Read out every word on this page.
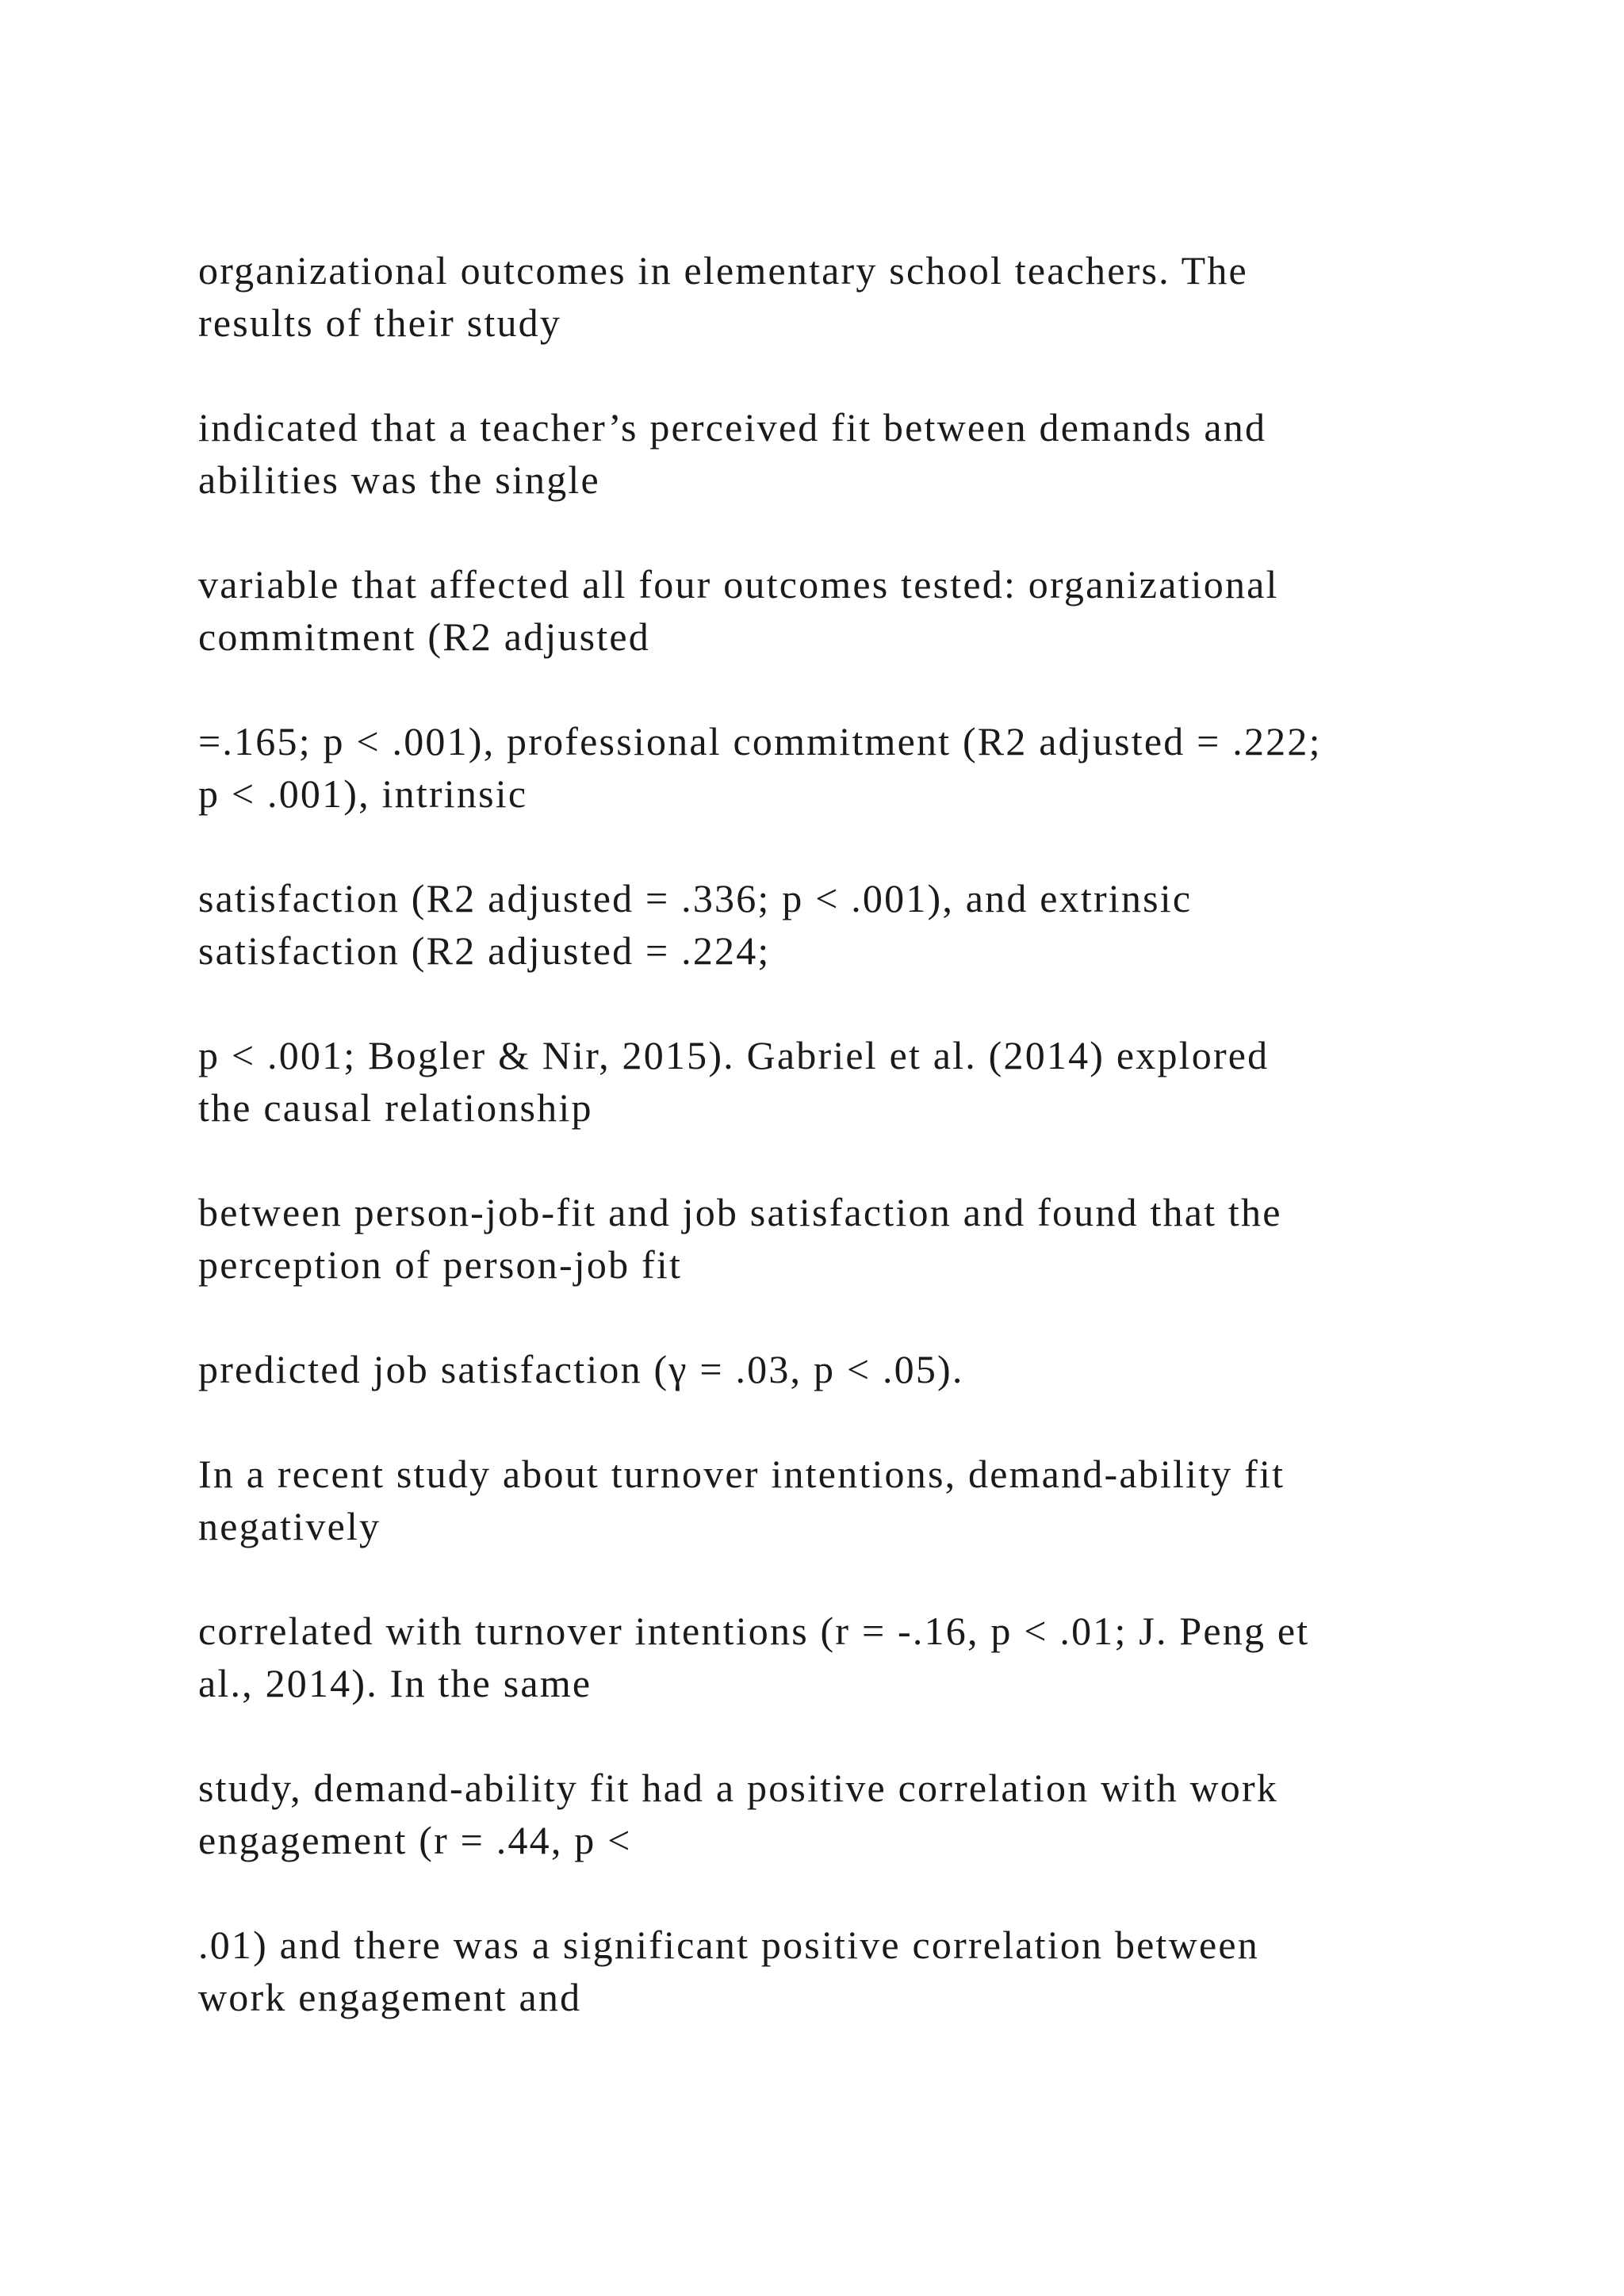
organizational outcomes in elementary school teachers. The
results of their study

indicated that a teacher’s perceived fit between demands and
abilities was the single

variable that affected all four outcomes tested: organizational
commitment (R2 adjusted

=.165; p < .001), professional commitment (R2 adjusted = .222;
p < .001), intrinsic

satisfaction (R2 adjusted = .336; p < .001), and extrinsic
satisfaction (R2 adjusted = .224;

p < .001; Bogler & Nir, 2015). Gabriel et al. (2014) explored
the causal relationship

between person-job-fit and job satisfaction and found that the
perception of person-job fit

predicted job satisfaction (γ = .03, p < .05).

In a recent study about turnover intentions, demand-ability fit
negatively

correlated with turnover intentions (r = -.16, p < .01; J. Peng et
al., 2014). In the same

study, demand-ability fit had a positive correlation with work
engagement (r = .44, p <

.01) and there was a significant positive correlation between
work engagement and
